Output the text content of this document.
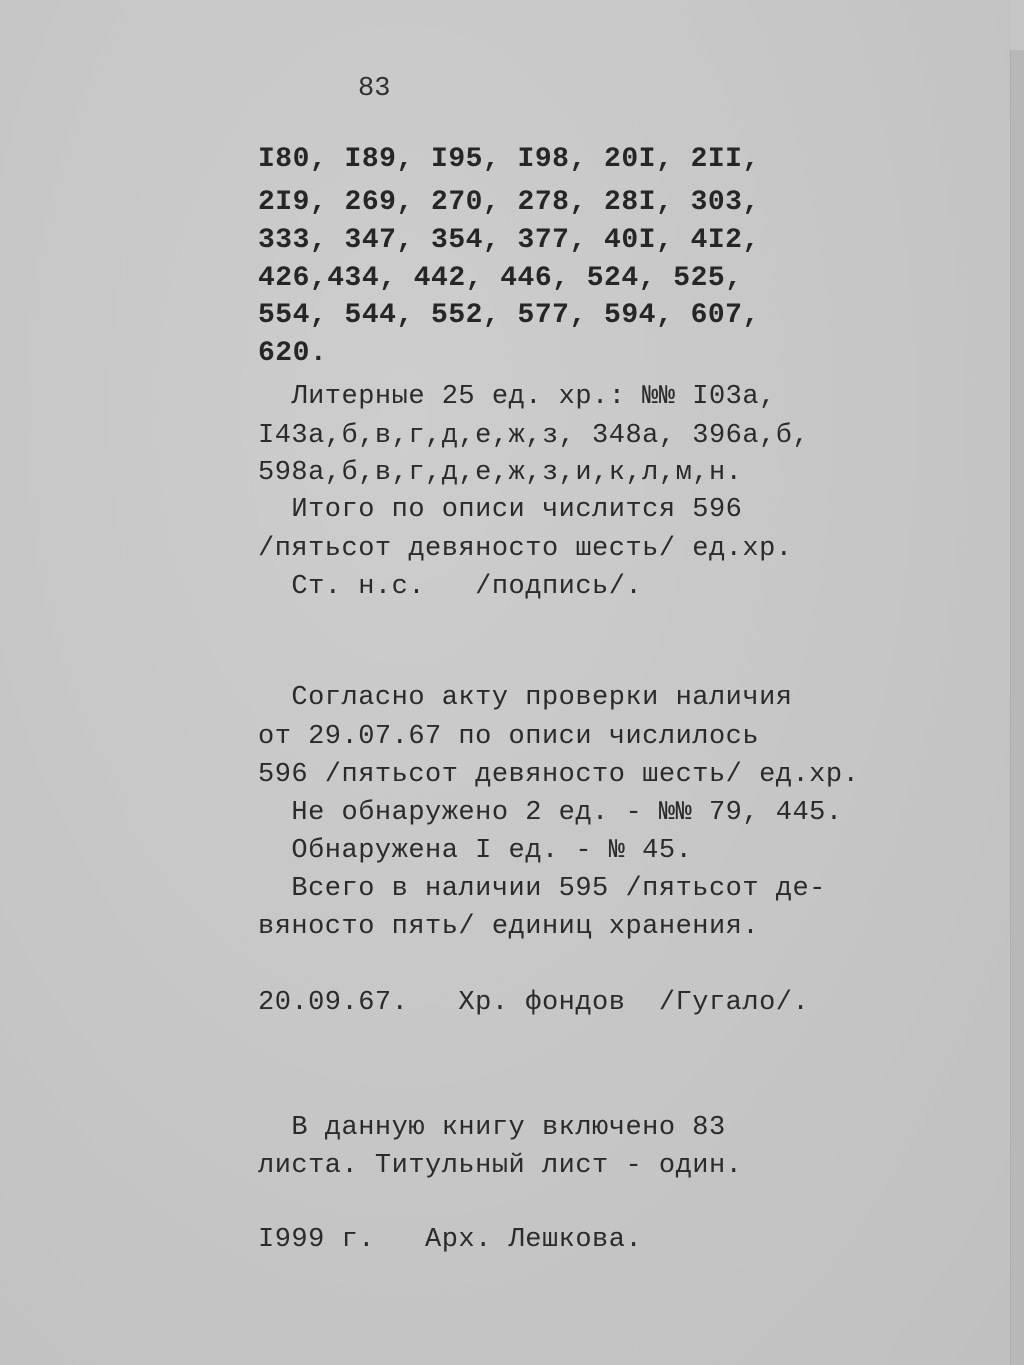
83
I80, I89, I95, I98, 20I, 2II,
2I9, 269, 270, 278, 28I, 303,
333, 347, 354, 377, 40I, 4I2,
426,434, 442, 446, 524, 525,
554, 544, 552, 577, 594, 607,
620.
Литерные 25 ед. хр.: №№ I03а,
I43а,б,в,г,д,е,ж,з, 348а, 396а,б,
598а,б,в,г,д,е,ж,з,и,к,л,м,н.
Итого по описи числится 596
/пятьсот девяносто шесть/ ед.хр.
Ст. н.с.   /подпись/.
Согласно акту проверки наличия
от 29.07.67 по описи числилось
596 /пятьсот девяносто шесть/ ед.хр.
Не обнаружено 2 ед. - №№ 79, 445.
Обнаружена I ед. - № 45.
Всего в наличии 595 /пятьсот де-
вяносто пять/ единиц хранения.
20.09.67.   Хр. фондов  /Гугало/.
В данную книгу включено 83
листа. Титульный лист - один.
I999 г.   Арх. Лешкова.
